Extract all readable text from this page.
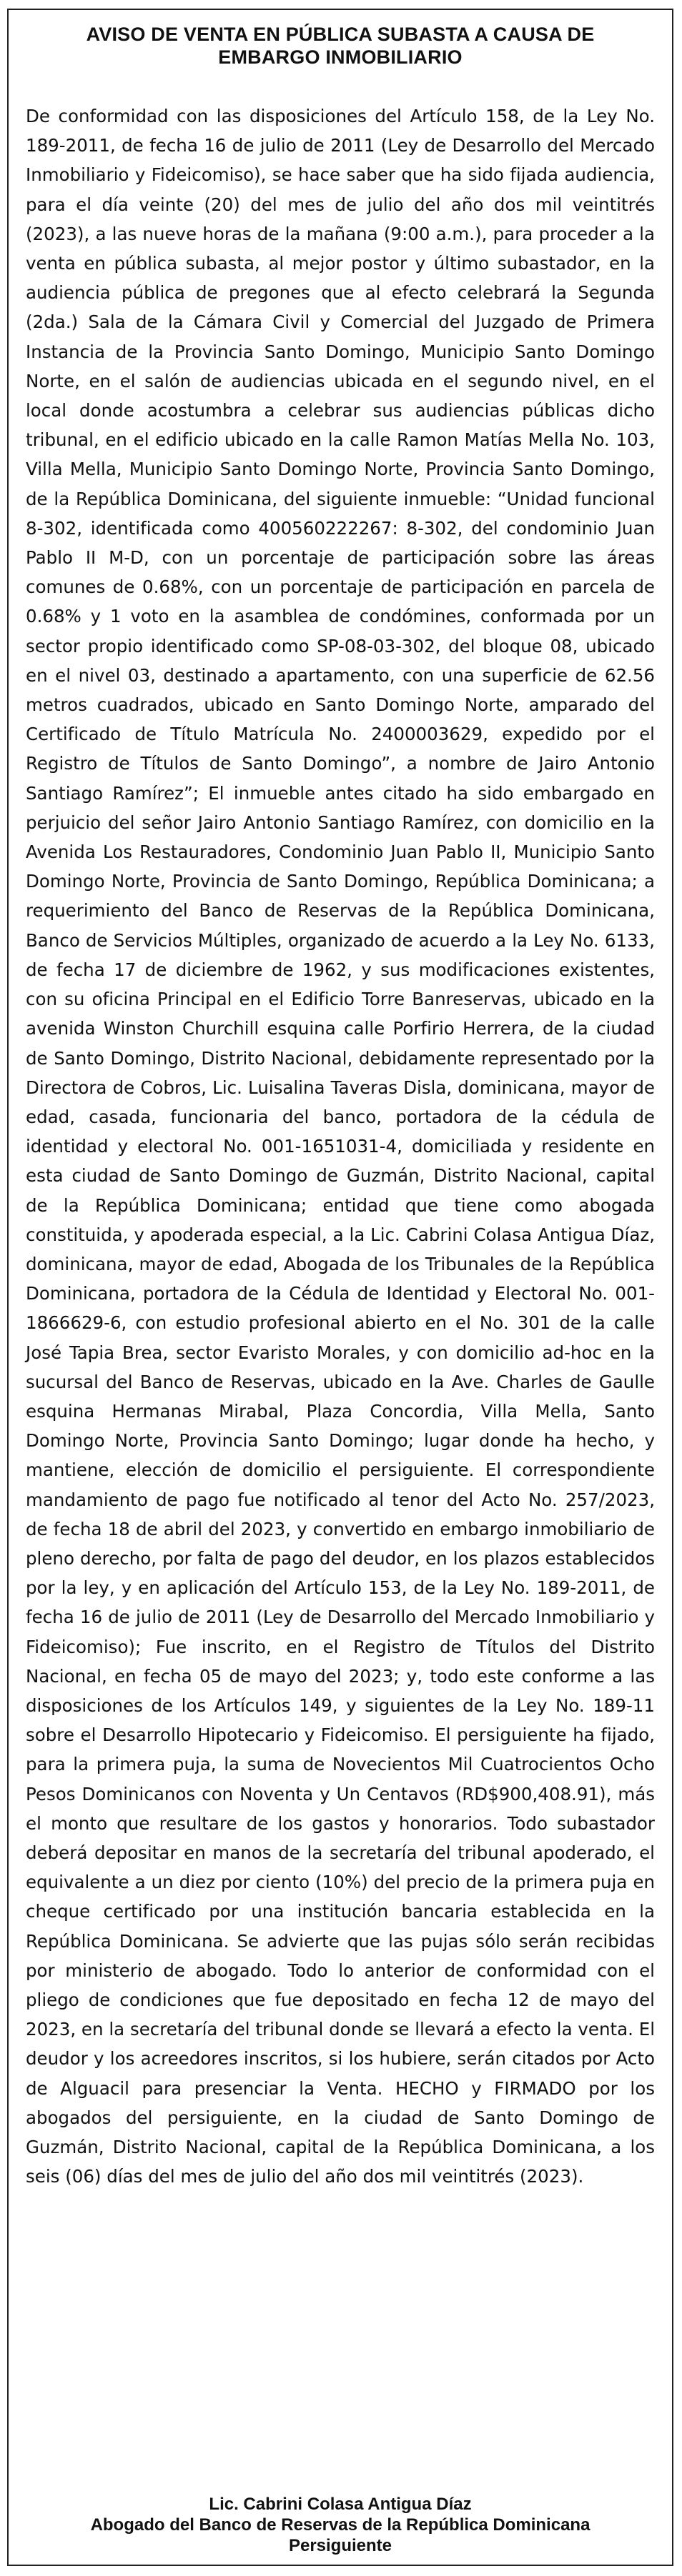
AVISO DE VENTA EN PÚBLICA SUBASTA A CAUSA DE
EMBARGO INMOBILIARIO

De conformidad con las disposiciones del Artículo 158, de la Ley No. 189-2011, de fecha 16 de julio de 2011 (Ley de Desarrollo del Mercado Inmobiliario y Fideicomiso), se hace saber que ha sido fijada audiencia, para el día veinte (20) del mes de julio del año dos mil veintitrés (2023), a las nueve horas de la mañana (9:00 a.m.), para proceder a la venta en pública subasta, al mejor postor y último subastador, en la audiencia pública de pregones que al efecto celebrará la Segunda (2da.) Sala de la Cámara Civil y Comercial del Juzgado de Primera Instancia de la Provincia Santo Domingo, Municipio Santo Domingo Norte, en el salón de audiencias ubicada en el segundo nivel, en el local donde acostumbra a celebrar sus audiencias públicas dicho tribunal, en el edificio ubicado en la calle Ramon Matías Mella No. 103, Villa Mella, Municipio Santo Domingo Norte, Provincia Santo Domingo, de la República Dominicana, del siguiente inmueble: “Unidad funcional 8-302, identificada como 400560222267: 8-302, del condominio Juan Pablo II M-D, con un porcentaje de participación sobre las áreas comunes de 0.68%, con un porcentaje de participación en parcela de 0.68% y 1 voto en la asamblea de condómines, conformada por un sector propio identificado como SP-08-03-302, del bloque 08, ubicado en el nivel 03, destinado a apartamento, con una superficie de 62.56 metros cuadrados, ubicado en Santo Domingo Norte, amparado del Certificado de Título Matrícula No. 2400003629, expedido por el Registro de Títulos de Santo Domingo”, a nombre de Jairo Antonio Santiago Ramírez”; El inmueble antes citado ha sido embargado en perjuicio del señor Jairo Antonio Santiago Ramírez, con domicilio en la Avenida Los Restauradores, Condominio Juan Pablo II, Municipio Santo Domingo Norte, Provincia de Santo Domingo, República Dominicana; a requerimiento del Banco de Reservas de la República Dominicana, Banco de Servicios Múltiples, organizado de acuerdo a la Ley No. 6133, de fecha 17 de diciembre de 1962, y sus modificaciones existentes, con su oficina Principal en el Edificio Torre Banreservas, ubicado en la avenida Winston Churchill esquina calle Porfirio Herrera, de la ciudad de Santo Domingo, Distrito Nacional, debidamente representado por la Directora de Cobros, Lic. Luisalina Taveras Disla, dominicana, mayor de edad, casada, funcionaria del banco, portadora de la cédula de identidad y electoral No. 001-1651031-4, domiciliada y residente en esta ciudad de Santo Domingo de Guzmán, Distrito Nacional, capital de la República Dominicana; entidad que tiene como abogada constituida, y apoderada especial, a la Lic. Cabrini Colasa Antigua Díaz, dominicana, mayor de edad, Abogada de los Tribunales de la República Dominicana, portadora de la Cédula de Identidad y Electoral No. 001-1866629-6, con estudio profesional abierto en el No. 301 de la calle José Tapia Brea, sector Evaristo Morales, y con domicilio ad-hoc en la sucursal del Banco de Reservas, ubicado en la Ave. Charles de Gaulle esquina Hermanas Mirabal, Plaza Concordia, Villa Mella, Santo Domingo Norte, Provincia Santo Domingo; lugar donde ha hecho, y mantiene, elección de domicilio el persiguiente. El correspondiente mandamiento de pago fue notificado al tenor del Acto No. 257/2023, de fecha 18 de abril del 2023, y convertido en embargo inmobiliario de pleno derecho, por falta de pago del deudor, en los plazos establecidos por la ley, y en aplicación del Artículo 153, de la Ley No. 189-2011, de fecha 16 de julio de 2011 (Ley de Desarrollo del Mercado Inmobiliario y Fideicomiso); Fue inscrito, en el Registro de Títulos del Distrito Nacional, en fecha 05 de mayo del 2023; y, todo este conforme a las disposiciones de los Artículos 149, y siguientes de la Ley No. 189-11 sobre el Desarrollo Hipotecario y Fideicomiso. El persiguiente ha fijado, para la primera puja, la suma de Novecientos Mil Cuatrocientos Ocho Pesos Dominicanos con Noventa y Un Centavos (RD$900,408.91), más el monto que resultare de los gastos y honorarios. Todo subastador deberá depositar en manos de la secretaría del tribunal apoderado, el equivalente a un diez por ciento (10%) del precio de la primera puja en cheque certificado por una institución bancaria establecida en la República Dominicana. Se advierte que las pujas sólo serán recibidas por ministerio de abogado. Todo lo anterior de conformidad con el pliego de condiciones que fue depositado en fecha 12 de mayo del 2023, en la secretaría del tribunal donde se llevará a efecto la venta. El deudor y los acreedores inscritos, si los hubiere, serán citados por Acto de Alguacil para presenciar la Venta. HECHO y FIRMADO por los abogados del persiguiente, en la ciudad de Santo Domingo de Guzmán, Distrito Nacional, capital de la República Dominicana, a los seis (06) días del mes de julio del año dos mil veintitrés (2023).

Lic. Cabrini Colasa Antigua Díaz
Abogado del Banco de Reservas de la República Dominicana
Persiguiente
